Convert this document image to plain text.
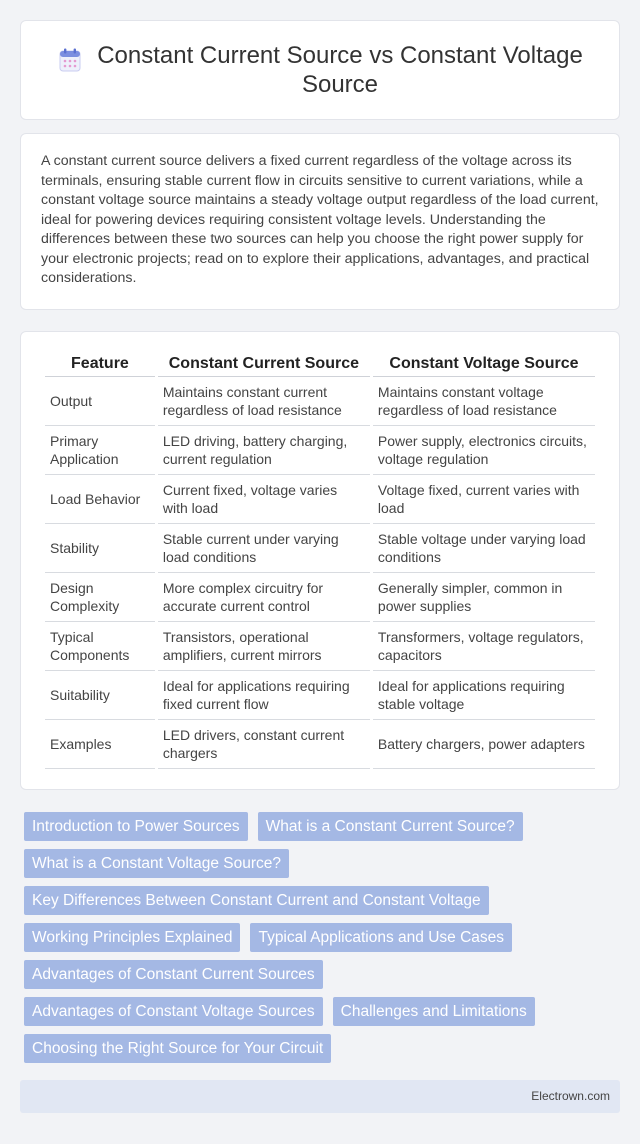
Constant Current Source vs Constant Voltage Source

A constant current source delivers a fixed current regardless of the voltage across its terminals, ensuring stable current flow in circuits sensitive to current variations, while a constant voltage source maintains a steady voltage output regardless of the load current, ideal for powering devices requiring consistent voltage levels. Understanding the differences between these two sources can help you choose the right power supply for your electronic projects; read on to explore their applications, advantages, and practical considerations.

Feature	Constant Current Source	Constant Voltage Source
Output	Maintains constant current regardless of load resistance	Maintains constant voltage regardless of load resistance
Primary Application	LED driving, battery charging, current regulation	Power supply, electronics circuits, voltage regulation
Load Behavior	Current fixed, voltage varies with load	Voltage fixed, current varies with load
Stability	Stable current under varying load conditions	Stable voltage under varying load conditions
Design Complexity	More complex circuitry for accurate current control	Generally simpler, common in power supplies
Typical Components	Transistors, operational amplifiers, current mirrors	Transformers, voltage regulators, capacitors
Suitability	Ideal for applications requiring fixed current flow	Ideal for applications requiring stable voltage
Examples	LED drivers, constant current chargers	Battery chargers, power adapters
Introduction to Power Sources	What is a Constant Current Source?
What is a Constant Voltage Source?
Key Differences Between Constant Current and Constant Voltage
Working Principles Explained	Typical Applications and Use Cases
Advantages of Constant Current Sources
Advantages of Constant Voltage Sources	Challenges and Limitations
Choosing the Right Source for Your Circuit
Electrown.com
